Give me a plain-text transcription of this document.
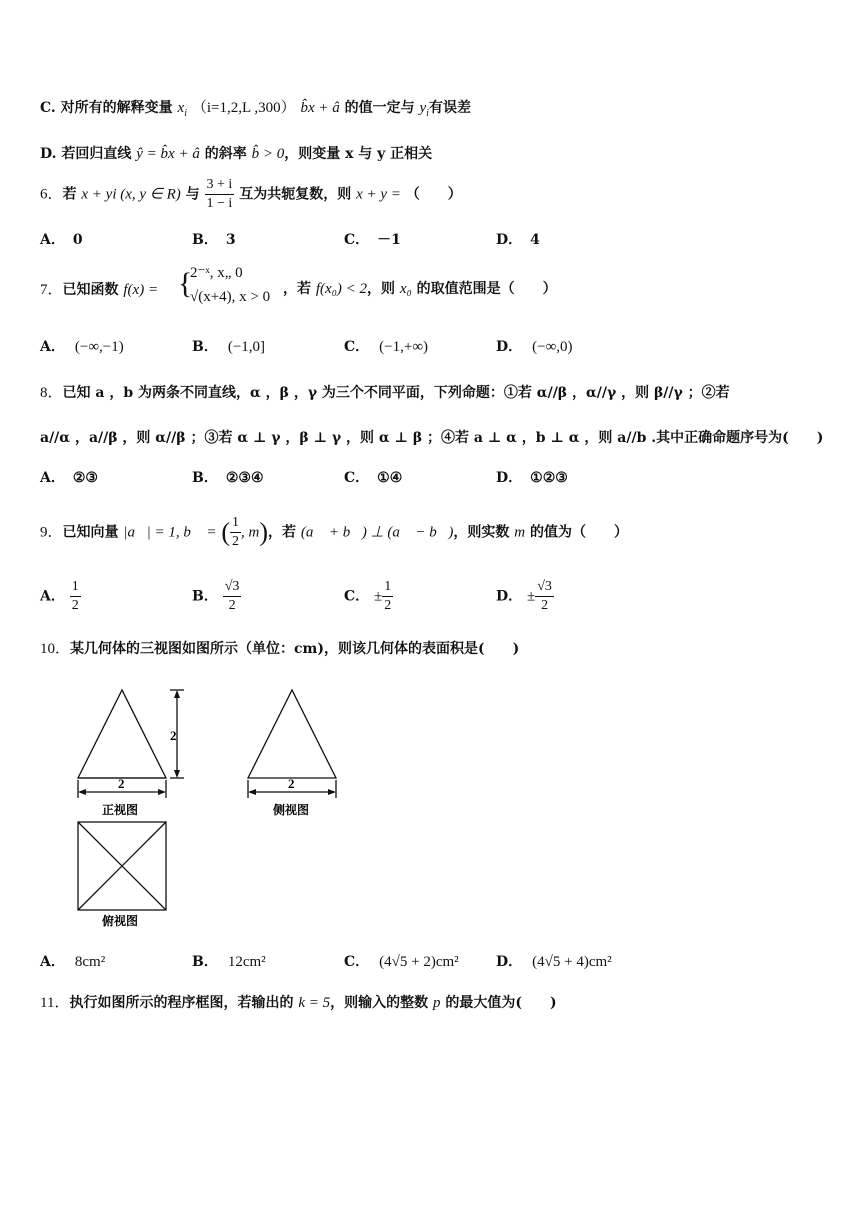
C. 对所有的解释变量 $x_i$ （i=1,2,L ,300） b̂x + â 的值一定与 $y_i$有误差
D. 若回归直线 ŷ = b̂x + â 的斜率 b̂ > 0，则变量 x 与 y 正相关
6．若 x + yi (x, y ∈ R) 与 $\frac{3 + i}{1 - i}$ 互为共轭复数，则 x + y = （　　）
A． 0	B． 3	C． －1	D． 4
7．已知函数 f(x) = {
2⁻ˣ, x„ 0
√(x+4), x > 0 ，若 f(x₀) < 2，则 x₀ 的取值范围是（　　）
A． (−∞,−1)	B． (−1,0]	C． (−1,+∞)	D． (−∞,0)
8．已知 a ，b 为两条不同直线，α ，β ，γ 为三个不同平面，下列命题：①若 α//β ，α//γ ，则 β//γ ；②若
a//α ，a//β ，则 α//β ；③若 α ⊥ γ ，β ⊥ γ ，则 α ⊥ β ；④若 a ⊥ α ，b ⊥ α ，则 a//b .其中正确命题序号为(　　)
A． ②③	B． ②③④	C． ①④	D． ①②③
9．已知向量 |a⃗| = 1, b⃗ = ( $\frac{1}{2}$ , m)，若 (a⃗ + b⃗) ⊥ (a⃗ − b⃗)，则实数 m 的值为（　　）
A． $\frac{1}{2}$	B． $\frac{√3}{2}$	C． ± $\frac{1}{2}$	D． ± $\frac{√3}{2}$
10．某几何体的三视图如图所示（单位：cm)，则该几何体的表面积是(　　)
2
2	2
正视图	侧视图
俯视图
A． 8cm²	B． 12cm²	C． (4√5 + 2)cm²	D． (4√5 + 4)cm²
11．执行如图所示的程序框图，若输出的 k = 5，则输入的整数 p 的最大值为(　　)
